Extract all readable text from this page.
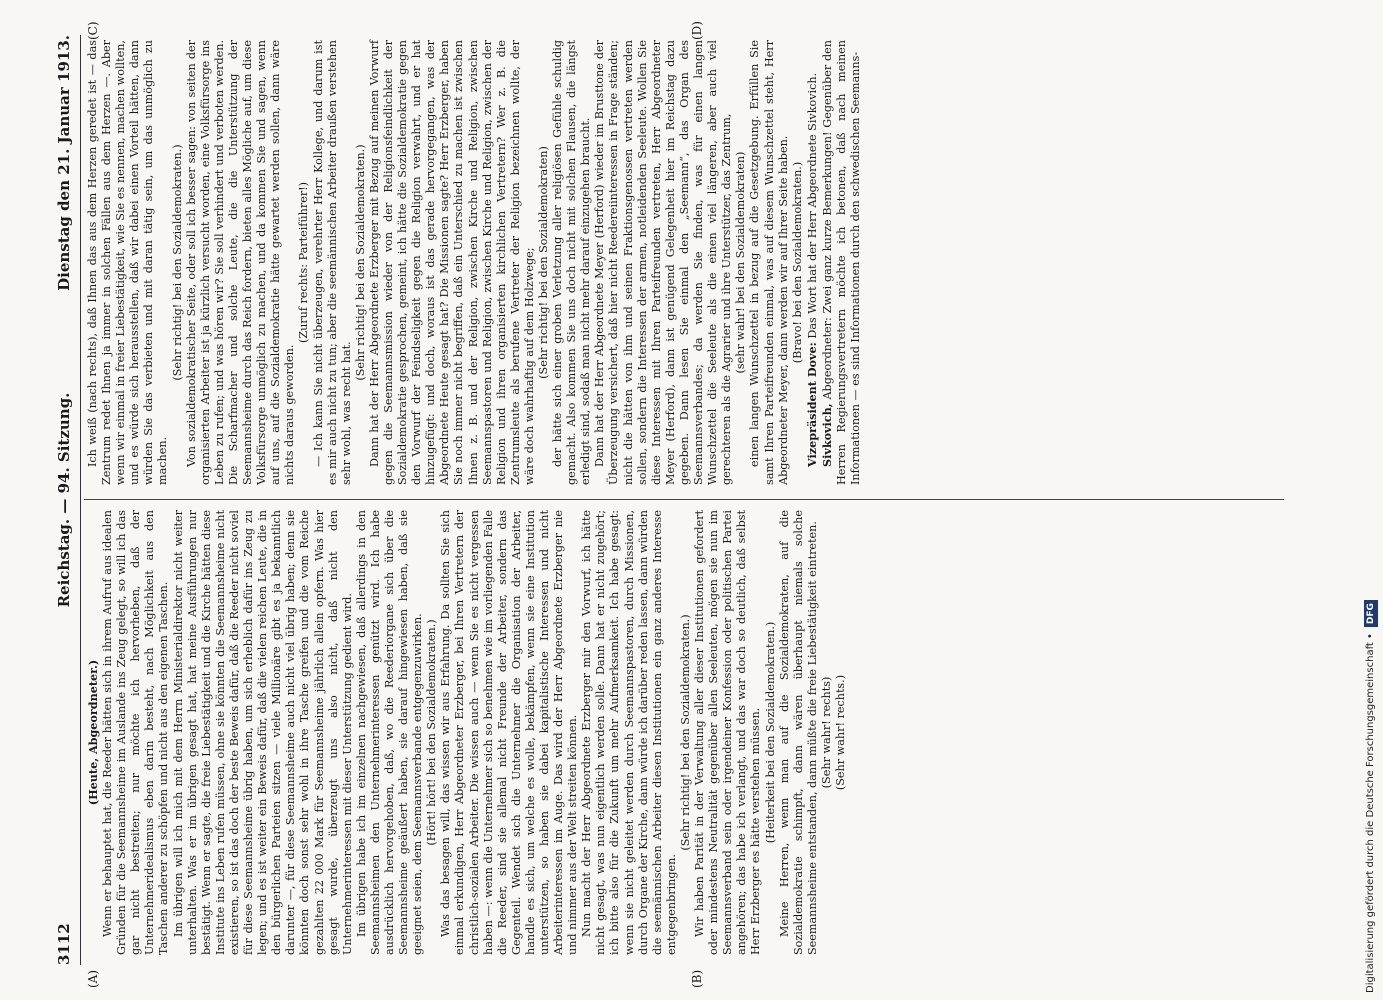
3112
Reichstag. — 94. Sitzung.
Dienstag den 21. Januar 1913.
(A)	(B)
(C)	(D)

(Heute, Abgeordneter.) Wenn er behauptet hat, die Reeder hätten sich in ihrem Aufruf aus idealen Gründen für die Seemannsheime im Auslande ins Zeug gelegt, so will ich das gar nicht bestreiten; nur möchte ich hervorheben, daß der Unternehmeridealismus eben darin besteht, nach Möglichkeit aus den Taschen anderer zu schöpfen und nicht aus den eigenen Taschen. Im übrigen will ich mich mit dem Herrn Ministerialdirektor nicht weiter unterhalten. Was er im übrigen gesagt hat, hat meine Ausführungen nur bestätigt. Wenn er sagte, die freie Liebestätigkeit und die Kirche hätten diese Institute ins Leben rufen müssen, ohne sie könnten die Seemannsheime nicht existieren, so ist das doch der beste Beweis dafür, daß die Reeder nicht soviel für diese Seemannsheime übrig haben, um sich erheblich dafür ins Zeug zu legen; und es ist weiter ein Beweis dafür, daß die vielen reichen Leute, die in den bürgerlichen Parteien sitzen — viele Millionäre gibt es ja bekanntlich darunter —, für diese Seemannsheime auch nicht viel übrig haben; denn sie könnten doch sonst sehr wohl in ihre Tasche greifen und die vom Reiche gezahlten 22 000 Mark für Seemannsheime jährlich allein opfern. Was hier gesagt wurde, überzeugt uns also nicht, daß nicht den Unternehmerinteressen mit dieser Unterstützung gedient wird. Im übrigen habe ich im einzelnen nachgewiesen, daß allerdings in den Seemannsheimen den Unternehmerinteressen genützt wird. Ich habe ausdrücklich hervorgehoben, daß, wo die Reederiorgane sich über die Seemannsheime geäußert haben, sie darauf hingewiesen haben, daß sie geeignet seien, dem Seemannsverbande entgegenzuwirken. (Hört! hört! bei den Sozialdemokraten.) Was das besagen will, das wissen wir aus Erfahrung. Da sollten Sie sich einmal erkundigen, Herr Abgeordneter Erzberger, bei Ihren Vertretern der christlich-sozialen Arbeiter. Die wissen auch — wenn Sie es nicht vergessen haben —: wenn die Unternehmer sich so benehmen wie im vorliegenden Falle die Reeder, sind sie allemal nicht Freunde der Arbeiter, sondern das Gegenteil. Wendet sich die Unternehmer die Organisation der Arbeiter, handle es sich, um welche es wolle, bekämpfen, wenn sie eine Institution unterstützen, so haben sie dabei kapitalistische Interessen und nicht Arbeiterinteressen im Auge. Das wird der Herr Abgeordnete Erzberger nie und nimmer aus der Welt streiten können. Nun macht der Herr Abgeordnete Erzberger mir den Vorwurf, ich hätte nicht gesagt, was nun eigentlich werden solle. Dann hat er nicht zugehört; ich bitte also für die Zukunft um mehr Aufmerksamkeit. Ich habe gesagt: wenn sie nicht geleitet werden durch Seemannspastoren, durch Missionen, durch Organe der Kirche, dann würde ich darüber reden lassen, dann würden die seemännischen Arbeiter diesen Institutionen ein ganz anderes Interesse entgegenbringen.

(Sehr richtig! bei den Sozialdemokraten.) Wir haben Parität in der Verwaltung aller dieser Institutionen gefordert oder mindestens Neutralität gegenüber allen Seeleuten, mögen sie nun im Seemannsverband sein oder irgendeiner Konfession oder politischen Partei angehören; das habe ich verlangt, und das war doch so deutlich, daß selbst Herr Erzberger es hätte verstehen müssen. (Heiterkeit bei den Sozialdemokraten.) Meine Herren, wenn man auf die Sozialdemokraten, auf die Sozialdemokratie schimpft, dann wären überhaupt niemals solche Seemannsheime entstanden, dann müßte die freie Liebestätigkeit eintreten. (Sehr wahr! rechts) (Sehr wahr! rechts.)

Ich weiß (nach rechts), daß Ihnen das aus dem Herzen geredet ist — das Zentrum redet Ihnen ja immer in solchen Fällen aus dem Herzen —. Aber wenn wir einmal in freier Liebestätigkeit, wie Sie es nennen, machen wollten, und es würde sich herausstellen, daß wir dabei einen Vorteil hätten, dann würden Sie das verbieten und mit daran tätig sein, um das unmöglich zu machen.

(Sehr richtig! bei den Sozialdemokraten.) Von sozialdemokratischer Seite, oder soll ich besser sagen: von seiten der organisierten Arbeiter ist ja kürzlich versucht worden, eine Volksfürsorge ins Leben zu rufen; und was hören wir? Sie soll verhindert und verboten werden. Die Scharfmacher und solche Leute, die die Unterstützung der Seemannsheime durch das Reich fordern, bieten alles Mögliche auf, um diese Volksfürsorge unmöglich zu machen, und da kommen Sie und sagen, wenn auf uns, auf die Sozialdemokratie hätte gewartet werden sollen, dann wäre nichts daraus geworden.

(Zuruf rechts: Parteiführer!) — Ich kann Sie nicht überzeugen, verehrter Herr Kollege, und darum ist es mir auch nicht zu tun; aber die seemännischen Arbeiter draußen verstehen sehr wohl, was recht hat.

(Sehr richtig! bei den Sozialdemokraten.) Dann hat der Herr Abgeordnete Erzberger mit Bezug auf meinen Vorwurf gegen die Seemannsmission wieder von der Religionsfeindlichkeit der Sozialdemokratie gesprochen, gemeint, ich hätte die Sozialdemokratie gegen den Vorwurf der Feindseligkeit gegen die Religion verwahrt, und er hat hinzugefügt: und doch, woraus ist das gerade hervorgegangen, was der Abgeordnete Heute gesagt hat? Die Missionen sagte? Herr Erzberger, haben Sie noch immer nicht begriffen, daß ein Unterschied zu machen ist zwischen Ihnen z. B. und der Religion, zwischen Kirche und Religion, zwischen Seemannspastoren und Religion, zwischen Kirche und Religion, zwischen der Religion und ihren organisierten kirchlichen Vertretern? Wer z. B. die Zentrumsleute als berufene Vertreter der Religion bezeichnen wollte, der wäre doch wahrhaftig auf dem Holzwege; (Sehr richtig! bei den Sozialdemokraten) der hätte sich einer groben Verletzung aller religiösen Gefühle schuldig gemacht. Also kommen Sie uns doch nicht mit solchen Flausen, die längst erledigt sind, sodaß man nicht mehr darauf einzugehen braucht. Dann hat der Herr Abgeordnete Meyer (Herford) wieder im Brusttone der Überzeugung versichert, daß hier nicht Reedereiinteressen in Frage ständen; nicht die hätten von ihm und seinen Fraktionsgenossen vertreten werden sollen, sondern die Interessen der armen, notleidenden Seeleute. Wollen Sie diese Interessen mit Ihren Parteifreunden vertreten, Herr Abgeordneter Meyer (Herford), dann ist genügend Gelegenheit hier im Reichstag dazu gegeben. Dann lesen Sie einmal den „Seemann“, das Organ des Seemannsverbandes; da werden Sie finden, was für einen langen Wunschzettel die Seeleute als die einen viel längeren, aber auch viel gerechteren als die Agrarier und ihre Unterstützer, das Zentrum, (sehr wahr! bei den Sozialdemokraten) einen langen Wunschzettel in bezug auf die Gesetzgebung. Erfüllen Sie samt Ihren Parteifreunden einmal, was auf diesem Wunschzettel steht, Herr Abgeordneter Meyer, dann werden wir auf Ihrer Seite haben. (Bravo! bei den Sozialdemokraten.)

Vizepräsident Dove: Das Wort hat der Herr Abgeordnete Sivkovich.

Sivkovich, Abgeordneter: Zwei ganz kurze Bemerkungen! Gegenüber den Herren Regierungsvertretern möchte ich betonen, daß nach meinen Informationen — es sind Informationen durch den schwedischen Seemanns-

Digitalisierung gefördert durch die Deutsche Forschungsgemeinschaft •DFG
